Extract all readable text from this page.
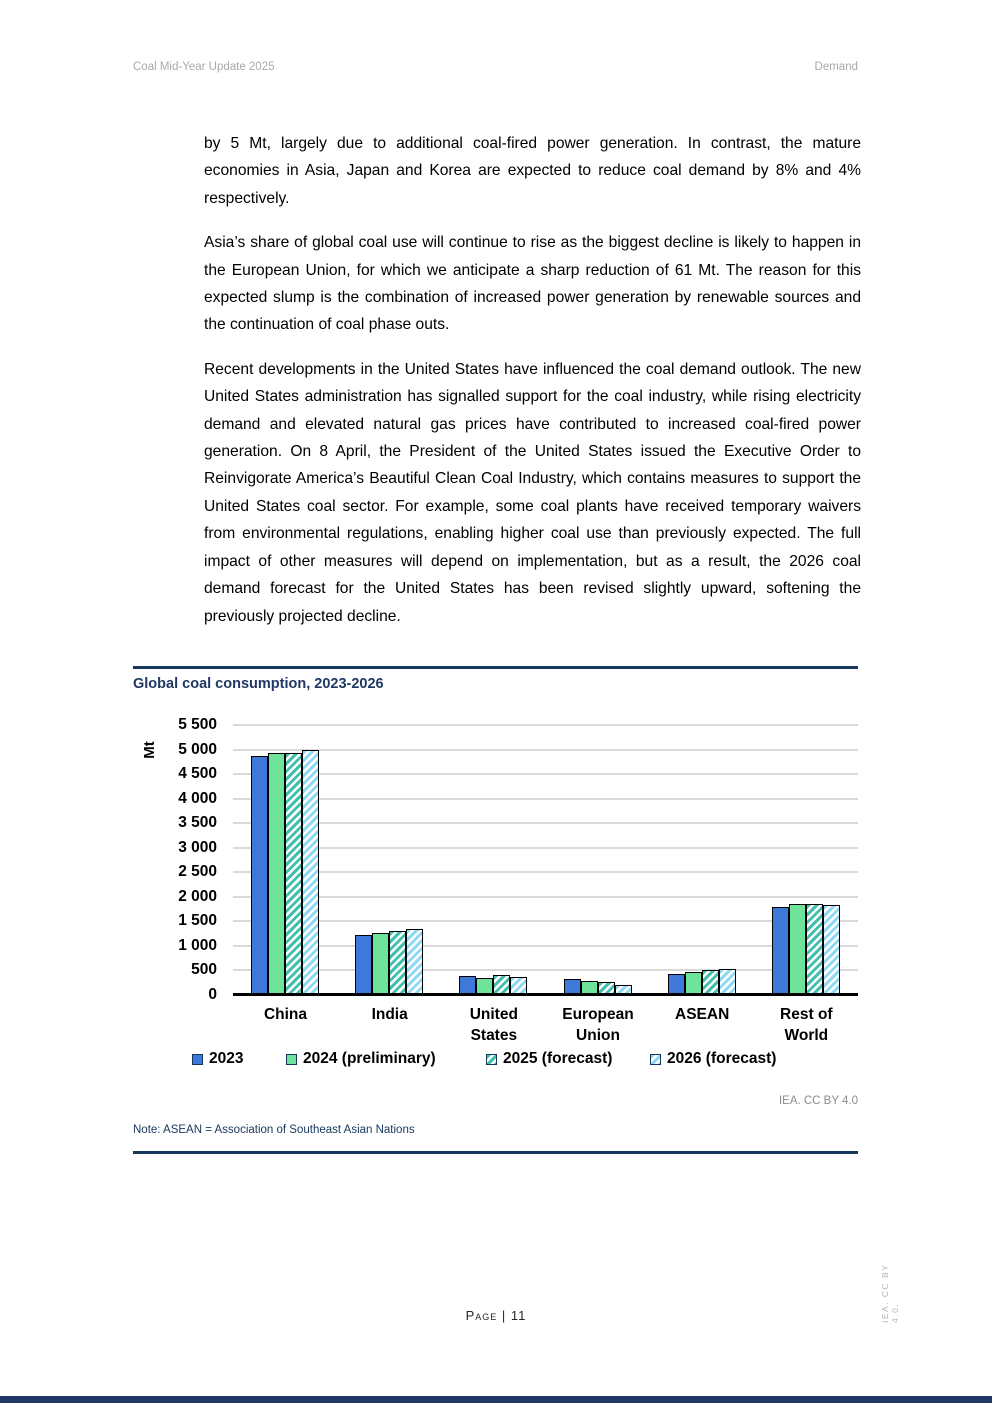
Coal Mid-Year Update 2025	Demand

by 5 Mt, largely due to additional coal-fired power generation. In contrast, the mature economies in Asia, Japan and Korea are expected to reduce coal demand by 8% and 4% respectively.

Asia’s share of global coal use will continue to rise as the biggest decline is likely to happen in the European Union, for which we anticipate a sharp reduction of 61 Mt. The reason for this expected slump is the combination of increased power generation by renewable sources and the continuation of coal phase outs.

Recent developments in the United States have influenced the coal demand outlook. The new United States administration has signalled support for the coal industry, while rising electricity demand and elevated natural gas prices have contributed to increased coal-fired power generation. On 8 April, the President of the United States issued the Executive Order to Reinvigorate America’s Beautiful Clean Coal Industry, which contains measures to support the United States coal sector. For example, some coal plants have received temporary waivers from environmental regulations, enabling higher coal use than previously expected. The full impact of other measures will depend on implementation, but as a result, the 2026 coal demand forecast for the United States has been revised slightly upward, softening the previously projected decline.

Global coal consumption, 2023-2026
Mt
0
500
1 000
1 500
2 000
2 500
3 000
3 500
4 000
4 500
5 000
5 500
China	India	United States
European Union
ASEAN	Rest of World
2023	2024 (preliminary)	2025 (forecast)	2026 (forecast)
IEA. CC BY 4.0
Note: ASEAN = Association of Southeast Asian Nations
IEA. CC BY 4.0.
Page | 11
